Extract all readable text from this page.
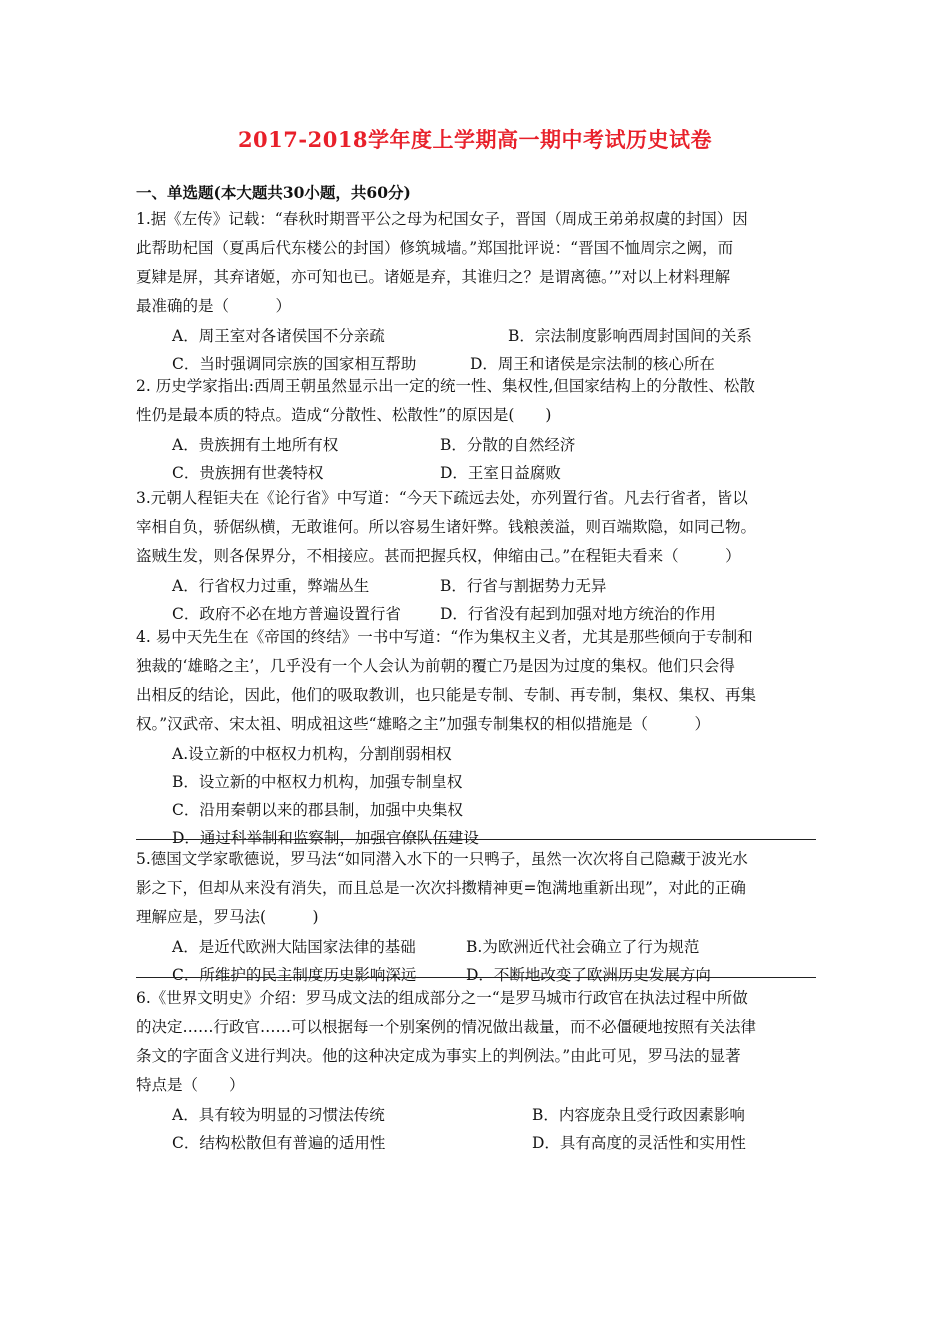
2017-2018学年度上学期高一期中考试历史试卷
一、单选题(本大题共30小题，共60分)

1.据《左传》记载：“春秋时期晋平公之母为杞国女子，晋国（周成王弟弟叔虞的封国）因

此帮助杞国（夏禹后代东楼公的封国）修筑城墙。”郑国批评说：“晋国不恤周宗之阙，而

夏肄是屏，其弃诸姬，亦可知也已。诸姬是弃，其谁归之？是谓离德。’”对以上材料理解

最准确的是（　　　）

A．周王室对各诸侯国不分亲疏	B．宗法制度影响西周封国间的关系
C．当时强调同宗族的国家相互帮助	D．周王和诸侯是宗法制的核心所在

2. 历史学家指出:西周王朝虽然显示出一定的统一性、集权性,但国家结构上的分散性、松散

性仍是最本质的特点。造成“分散性、松散性”的原因是(　　)

A．贵族拥有土地所有权	B．分散的自然经济
C．贵族拥有世袭特权	D．王室日益腐败

3.元朝人程钜夫在《论行省》中写道：“今天下疏远去处，亦列置行省。凡去行省者，皆以

宰相自负，骄倨纵横，无敢谁何。所以容易生诸奸弊。钱粮羡溢，则百端欺隐，如同己物。

盗贼生发，则各保界分，不相接应。甚而把握兵权，伸缩由己。”在程钜夫看来（　　　）

A．行省权力过重，弊端丛生	B．行省与割据势力无异
C．政府不必在地方普遍设置行省	D．行省没有起到加强对地方统治的作用

4. 易中天先生在《帝国的终结》一书中写道：“作为集权主义者，尤其是那些倾向于专制和

独裁的‘雄略之主’，几乎没有一个人会认为前朝的覆亡乃是因为过度的集权。他们只会得

出相反的结论，因此，他们的吸取教训，也只能是专制、专制、再专制，集权、集权、再集

权。”汉武帝、宋太祖、明成祖这些“雄略之主”加强专制集权的相似措施是（　　　）

A.设立新的中枢权力机构，分割削弱相权
B．设立新的中枢权力机构，加强专制皇权
C．沿用秦朝以来的郡县制，加强中央集权
D．通过科举制和监察制，加强官僚队伍建设

5.德国文学家歌德说，罗马法“如同潜入水下的一只鸭子，虽然一次次将自己隐藏于波光水

影之下，但却从来没有消失，而且总是一次次抖擞精神更=饱满地重新出现”，对此的正确

理解应是，罗马法(　　　)

A．是近代欧洲大陆国家法律的基础	B.为欧洲近代社会确立了行为规范
C．所维护的民主制度历史影响深远	D．不断地改变了欧洲历史发展方向

6.《世界文明史》介绍：罗马成文法的组成部分之一“是罗马城市行政官在执法过程中所做

的决定……行政官……可以根据每一个别案例的情况做出裁量，而不必僵硬地按照有关法律

条文的字面含义进行判决。他的这种决定成为事实上的判例法。”由此可见，罗马法的显著

特点是（　　）

A．具有较为明显的习惯法传统	B．内容庞杂且受行政因素影响
C．结构松散但有普遍的适用性	D．具有高度的灵活性和实用性
